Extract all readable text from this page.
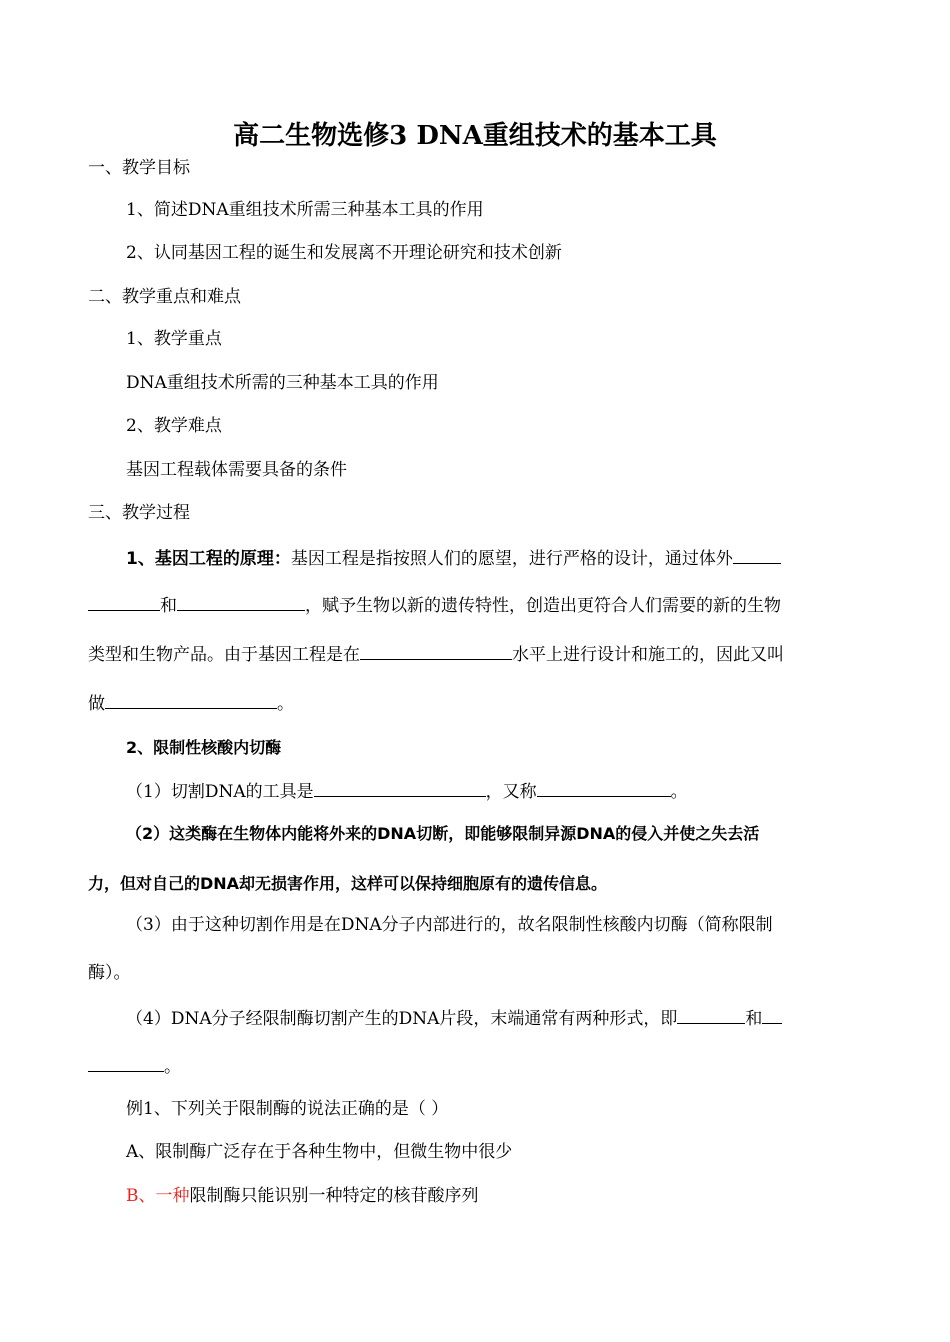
高二生物选修3 DNA重组技术的基本工具
一、教学目标
1、简述DNA重组技术所需三种基本工具的作用
2、认同基因工程的诞生和发展离不开理论研究和技术创新
二、教学重点和难点
1、教学重点
DNA重组技术所需的三种基本工具的作用
2、教学难点
基因工程载体需要具备的条件
三、教学过程
1、基因工程的原理：基因工程是指按照人们的愿望，进行严格的设计，通过体外
和	，赋予生物以新的遗传特性，创造出更符合人们需要的新的生物
类型和生物产品。由于基因工程是在	水平上进行设计和施工的，因此又叫
做	。
2、限制性核酸内切酶
（1）切割DNA的工具是	，又称	。
（2）这类酶在生物体内能将外来的DNA切断，即能够限制异源DNA的侵入并使之失去活
力，但对自己的DNA却无损害作用，这样可以保持细胞原有的遗传信息。
（3）由于这种切割作用是在DNA分子内部进行的，故名限制性核酸内切酶（简称限制
酶）。
（4）DNA分子经限制酶切割产生的DNA片段，末端通常有两种形式，即	和
。
例1、下列关于限制酶的说法正确的是（ ）
A、限制酶广泛存在于各种生物中，但微生物中很少
B、一种限制酶只能识别一种特定的核苷酸序列
